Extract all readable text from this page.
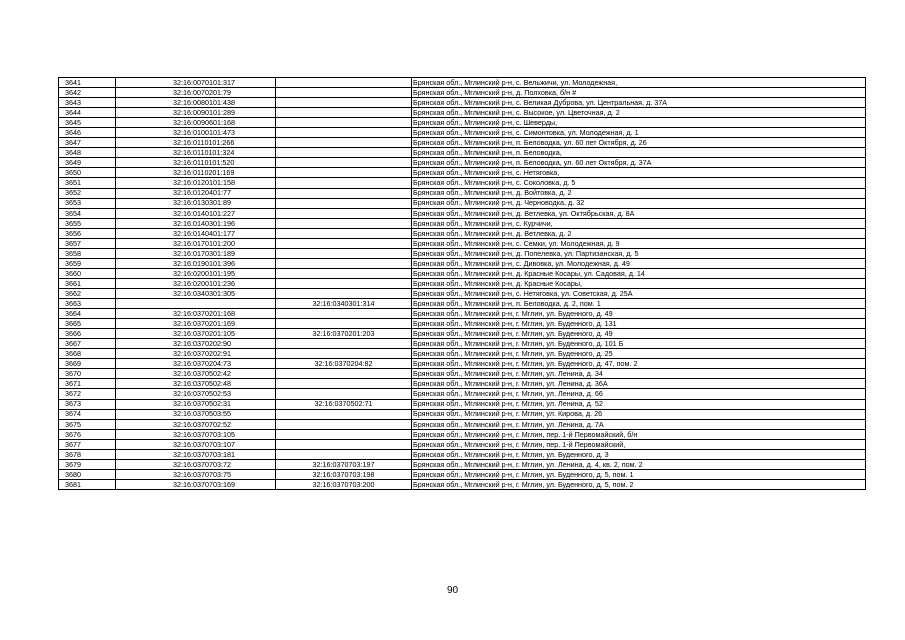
3641	32:16:0070101:317		Брянская обл., Мглинский р-н, с. Вельжичи, ул. Молодежная,
3642	32:16:0070201:79		Брянская обл., Мглинский р-н, д. Полховка, б/н #
3643	32:16:0080101:438		Брянская обл., Мглинский р-н, с. Великая Дуброва, ул. Центральная, д. 37А
3644	32:16:0090101:289		Брянская обл., Мглинский р-н, с. Высокое, ул. Цветочная, д. 2
3645	32:16:0090601:168		Брянская обл., Мглинский р-н, с. Шеверды,
3646	32:16:0100101:473		Брянская обл., Мглинский р-н, с. Симонтовка, ул. Молодежная, д. 1
3647	32:16:0110101:266		Брянская обл., Мглинский р-н, п. Беловодка, ул. 60 лет Октября, д. 26
3648	32:16:0110101:324		Брянская обл., Мглинский р-н, п. Беловодка,
3649	32:16:0110101:520		Брянская обл., Мглинский р-н, п. Беловодка, ул. 60 лет Октября, д. 37А
3650	32:16:0110201:169		Брянская обл., Мглинский р-н, с. Нетяговка,
3651	32:16:0120101:158		Брянская обл., Мглинский р-н, с. Соколовка, д. 5
3652	32:16:0120401:77		Брянская обл., Мглинский р-н, д. Войтовка, д. 2
3653	32:16:0130301:89		Брянская обл., Мглинский р-н, д. Черноводка, д. 32
3654	32:16:0140101:227		Брянская обл., Мглинский р-н, д. Ветлевка, ул. Октябрьская, д. 8А
3655	32:16:0140301:196		Брянская обл., Мглинский р-н, с. Курчичи,
3656	32:16:0140401:177		Брянская обл., Мглинский р-н, д. Ветлевка, д. 2
3657	32:16:0170101:200		Брянская обл., Мглинский р-н, с. Семки, ул. Молодежная, д. 9
3658	32:16:0170301:189		Брянская обл., Мглинский р-н, д. Попелевка, ул. Партизанская, д. 5
3659	32:16:0190101:396		Брянская обл., Мглинский р-н, с. Дивовка, ул. Молодежная, д. 49
3660	32:16:0200101:195		Брянская обл., Мглинский р-н, д. Красные Косары, ул. Садовая, д. 14
3661	32:16:0200101:236		Брянская обл., Мглинский р-н, д. Красные Косары,
3662	32:16:0340301:305		Брянская обл., Мглинский р-н, с. Нетяговка, ул. Советская, д. 25А
3663		32:16:0340301:314	Брянская обл., Мглинский р-н, п. Беловодка, д. 2, пом. 1
3664	32:16:0370201:168		Брянская обл., Мглинский р-н, г. Мглин, ул. Буденного, д. 49
3665	32:16:0370201:169		Брянская обл., Мглинский р-н, г. Мглин, ул. Буденного, д. 131
3666	32:16:0370201:105	32:16:0370201:203	Брянская обл., Мглинский р-н, г. Мглин, ул. Буденного, д. 49
3667	32:16:0370202:90		Брянская обл., Мглинский р-н, г. Мглин, ул. Буденного, д. 101 Б
3668	32:16:0370202:91		Брянская обл., Мглинский р-н, г. Мглин, ул. Буденного, д. 25
3669	32:16:0370204:73	32:16:0370204:82	Брянская обл., Мглинский р-н, г. Мглин, ул. Буденного, д. 47, пом. 2
3670	32:16:0370502:42		Брянская обл., Мглинский р-н, г. Мглин, ул. Ленина, д. 34
3671	32:16:0370502:48		Брянская обл., Мглинский р-н, г. Мглин, ул. Ленина, д. 36А
3672	32:16:0370502:53		Брянская обл., Мглинский р-н, г. Мглин, ул. Ленина, д. 66
3673	32:16:0370502:31	32:16:0370502:71	Брянская обл., Мглинский р-н, г. Мглин, ул. Ленина, д. 52
3674	32:16:0370503:55		Брянская обл., Мглинский р-н, г. Мглин, ул. Кирова, д. 26
3675	32:16:0370702:52		Брянская обл., Мглинский р-н, г. Мглин, ул. Ленина, д. 7А
3676	32:16:0370703:105		Брянская обл., Мглинский р-н, г. Мглин, пер. 1-й Первомайский, б/н
3677	32:16:0370703:107		Брянская обл., Мглинский р-н, г. Мглин, пер. 1-й Первомайский,
3678	32:16:0370703:181		Брянская обл., Мглинский р-н, г. Мглин, ул. Буденного, д. 3
3679	32:16:0370703:72	32:16:0370703:197	Брянская обл., Мглинский р-н, г. Мглин, ул. Ленина, д. 4, кв. 2, пом. 2
3680	32:16:0370703:75	32:16:0370703:198	Брянская обл., Мглинский р-н, г. Мглин, ул. Буденного, д. 5, пом. 1
3681	32:16:0370703:169	32:16:0370703:200	Брянская обл., Мглинский р-н, г. Мглин, ул. Буденного, д. 5, пом. 2
90
